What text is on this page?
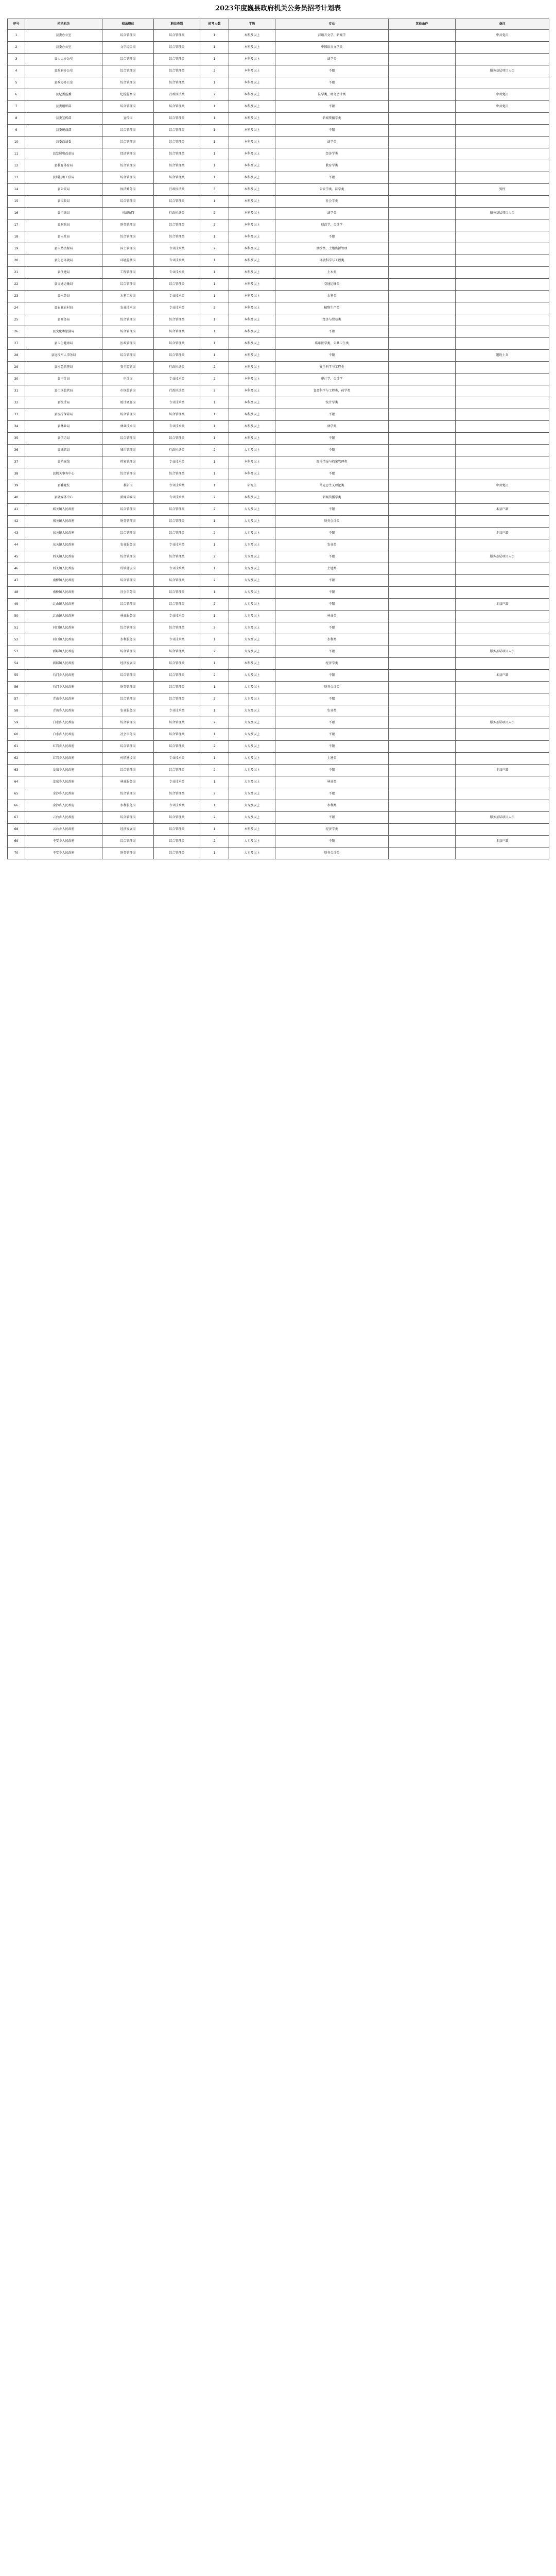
2023年度巍县政府机关公务员招考计划表
序号	招录机关	招录职位	职位类别	招考人数	学历	专业	其他条件	备注
1	县委办公室	综合管理岗	综合管理类	1	本科及以上	汉语言文学、新闻学		中共党员
2	县委办公室	文字综合岗	综合管理类	1	本科及以上	中国语言文学类		
3	县人大办公室	综合管理岗	综合管理类	1	本科及以上	法学类		
4	县政府办公室	综合管理岗	综合管理类	2	本科及以上	不限		服务基层项目人员
5	县政协办公室	综合管理岗	综合管理类	1	本科及以上	不限		
6	县纪委监委	纪检监察岗	行政执法类	2	本科及以上	法学类、财务会计类		中共党员
7	县委组织部	综合管理岗	综合管理类	1	本科及以上	不限		中共党员
8	县委宣传部	宣传岗	综合管理类	1	本科及以上	新闻传播学类		
9	县委统战部	综合管理岗	综合管理类	1	本科及以上	不限		
10	县委政法委	综合管理岗	综合管理类	1	本科及以上	法学类		
11	县发展和改革局	经济管理岗	综合管理类	1	本科及以上	经济学类		
12	县教育体育局	综合管理岗	综合管理类	1	本科及以上	教育学类		
13	县科技和工信局	综合管理岗	综合管理类	1	本科及以上	不限		
14	县公安局	执法勤务岗	行政执法类	3	本科及以上	公安学类、法学类		男性
15	县民政局	综合管理岗	综合管理类	1	本科及以上	社会学类		
16	县司法局	司法所岗	行政执法类	2	本科及以上	法学类		服务基层项目人员
17	县财政局	财务管理岗	综合管理类	2	本科及以上	财政学、会计学		
18	县人社局	综合管理岗	综合管理类	1	本科及以上	不限		
19	县自然资源局	国土管理岗	专业技术类	2	本科及以上	测绘类、土地资源管理		
20	县生态环境局	环境监测岗	专业技术类	1	本科及以上	环境科学与工程类		
21	县住建局	工程管理岗	专业技术类	1	本科及以上	土木类		
22	县交通运输局	综合管理岗	综合管理类	1	本科及以上	交通运输类		
23	县水务局	水利工程岗	专业技术类	1	本科及以上	水利类		
24	县农业农村局	农业技术岗	专业技术类	2	本科及以上	植物生产类		
25	县商务局	综合管理岗	综合管理类	1	本科及以上	经济与贸易类		
26	县文化和旅游局	综合管理岗	综合管理类	1	本科及以上	不限		
27	县卫生健康局	医政管理岗	综合管理类	1	本科及以上	临床医学类、公共卫生类		
28	县退役军人事务局	综合管理岗	综合管理类	1	本科及以上	不限		退役士兵
29	县应急管理局	安全监管岗	行政执法类	2	本科及以上	安全科学与工程类		
30	县审计局	审计岗	专业技术类	2	本科及以上	审计学、会计学		
31	县市场监管局	市场监管岗	行政执法类	3	本科及以上	食品科学与工程类、药学类		
32	县统计局	统计调查岗	专业技术类	1	本科及以上	统计学类		
33	县医疗保障局	综合管理岗	综合管理类	1	本科及以上	不限		
34	县林业局	林业技术岗	专业技术类	1	本科及以上	林学类		
35	县信访局	综合管理岗	综合管理类	1	本科及以上	不限		
36	县城管局	城市管理岗	行政执法类	2	大专及以上	不限		
37	县档案馆	档案管理岗	专业技术类	1	本科及以上	图书情报与档案管理类		
38	县机关事务中心	综合管理岗	综合管理类	1	本科及以上	不限		
39	县委党校	教研岗	专业技术类	1	研究生	马克思主义理论类		中共党员
40	县融媒体中心	新闻采编岗	专业技术类	2	本科及以上	新闻传播学类		
41	城关镇人民政府	综合管理岗	综合管理类	2	大专及以上	不限		本县户籍
42	城关镇人民政府	财务管理岗	综合管理类	1	大专及以上	财务会计类		
43	东关镇人民政府	综合管理岗	综合管理类	2	大专及以上	不限		本县户籍
44	东关镇人民政府	农业服务岗	专业技术类	1	大专及以上	农业类		
45	西关镇人民政府	综合管理岗	综合管理类	2	大专及以上	不限		服务基层项目人员
46	西关镇人民政府	村镇建设岗	专业技术类	1	大专及以上	土建类		
47	南桥镇人民政府	综合管理岗	综合管理类	2	大专及以上	不限		
48	南桥镇人民政府	社会事务岗	综合管理类	1	大专及以上	不限		
49	北山镇人民政府	综合管理岗	综合管理类	2	大专及以上	不限		本县户籍
50	北山镇人民政府	林业服务岗	专业技术类	1	大专及以上	林业类		
51	河口镇人民政府	综合管理岗	综合管理类	2	大专及以上	不限		
52	河口镇人民政府	水利服务岗	专业技术类	1	大专及以上	水利类		
53	新城镇人民政府	综合管理岗	综合管理类	2	大专及以上	不限		服务基层项目人员
54	新城镇人民政府	经济发展岗	综合管理类	1	本科及以上	经济学类		
55	石门乡人民政府	综合管理岗	综合管理类	2	大专及以上	不限		本县户籍
56	石门乡人民政府	财务管理岗	综合管理类	1	大专及以上	财务会计类		
57	青山乡人民政府	综合管理岗	综合管理类	2	大专及以上	不限		
58	青山乡人民政府	农业服务岗	专业技术类	1	大专及以上	农业类		
59	白水乡人民政府	综合管理岗	综合管理类	2	大专及以上	不限		服务基层项目人员
60	白水乡人民政府	社会事务岗	综合管理类	1	大专及以上	不限		
61	红岩乡人民政府	综合管理岗	综合管理类	2	大专及以上	不限		
62	红岩乡人民政府	村镇建设岗	专业技术类	1	大专及以上	土建类		
63	龙泉乡人民政府	综合管理岗	综合管理类	2	大专及以上	不限		本县户籍
64	龙泉乡人民政府	林业服务岗	专业技术类	1	大专及以上	林业类		
65	金沙乡人民政府	综合管理岗	综合管理类	2	大专及以上	不限		
66	金沙乡人民政府	水利服务岗	专业技术类	1	大专及以上	水利类		
67	云台乡人民政府	综合管理岗	综合管理类	2	大专及以上	不限		服务基层项目人员
68	云台乡人民政府	经济发展岗	综合管理类	1	本科及以上	经济学类		
69	平安乡人民政府	综合管理岗	综合管理类	2	大专及以上	不限		本县户籍
70	平安乡人民政府	财务管理岗	综合管理类	1	大专及以上	财务会计类		
